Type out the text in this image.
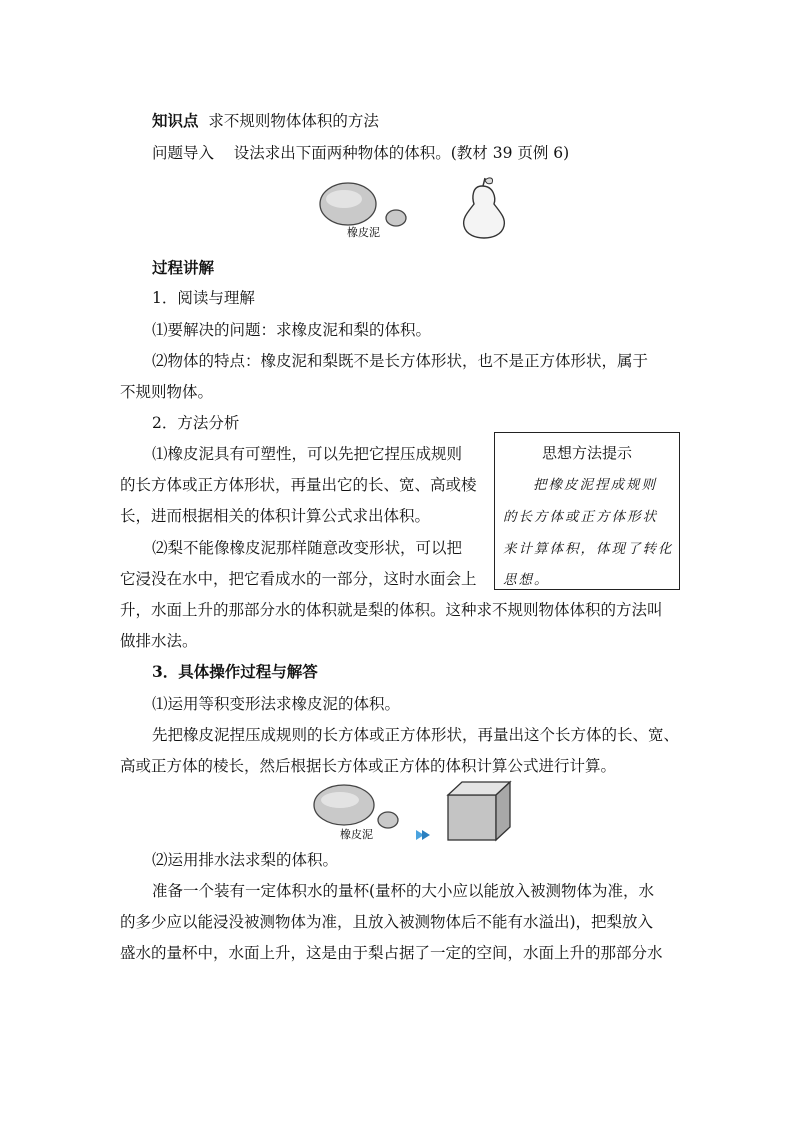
知识点 求不规则物体体积的方法
问题导入 设法求出下面两种物体的体积。(教材 39 页例 6)
橡皮泥
过程讲解
1．阅读与理解
⑴要解决的问题：求橡皮泥和梨的体积。
⑵物体的特点：橡皮泥和梨既不是长方体形状，也不是正方体形状，属于
不规则物体。
2．方法分析
⑴橡皮泥具有可塑性，可以先把它捏压成规则
的长方体或正方体形状，再量出它的长、宽、高或棱
长，进而根据相关的体积计算公式求出体积。
⑵梨不能像橡皮泥那样随意改变形状，可以把
它浸没在水中，把它看成水的一部分，这时水面会上
升，水面上升的那部分水的体积就是梨的体积。这种求不规则物体体积的方法叫
做排水法。
思想方法提示
把橡皮泥捏成规则
的长方体或正方体形状
来计算体积，体现了转化
思想。
3．具体操作过程与解答
⑴运用等积变形法求橡皮泥的体积。
先把橡皮泥捏压成规则的长方体或正方体形状，再量出这个长方体的长、宽、
高或正方体的棱长，然后根据长方体或正方体的体积计算公式进行计算。
橡皮泥
⑵运用排水法求梨的体积。
准备一个装有一定体积水的量杯(量杯的大小应以能放入被测物体为准，水
的多少应以能浸没被测物体为准，且放入被测物体后不能有水溢出)，把梨放入
盛水的量杯中，水面上升，这是由于梨占据了一定的空间，水面上升的那部分水
